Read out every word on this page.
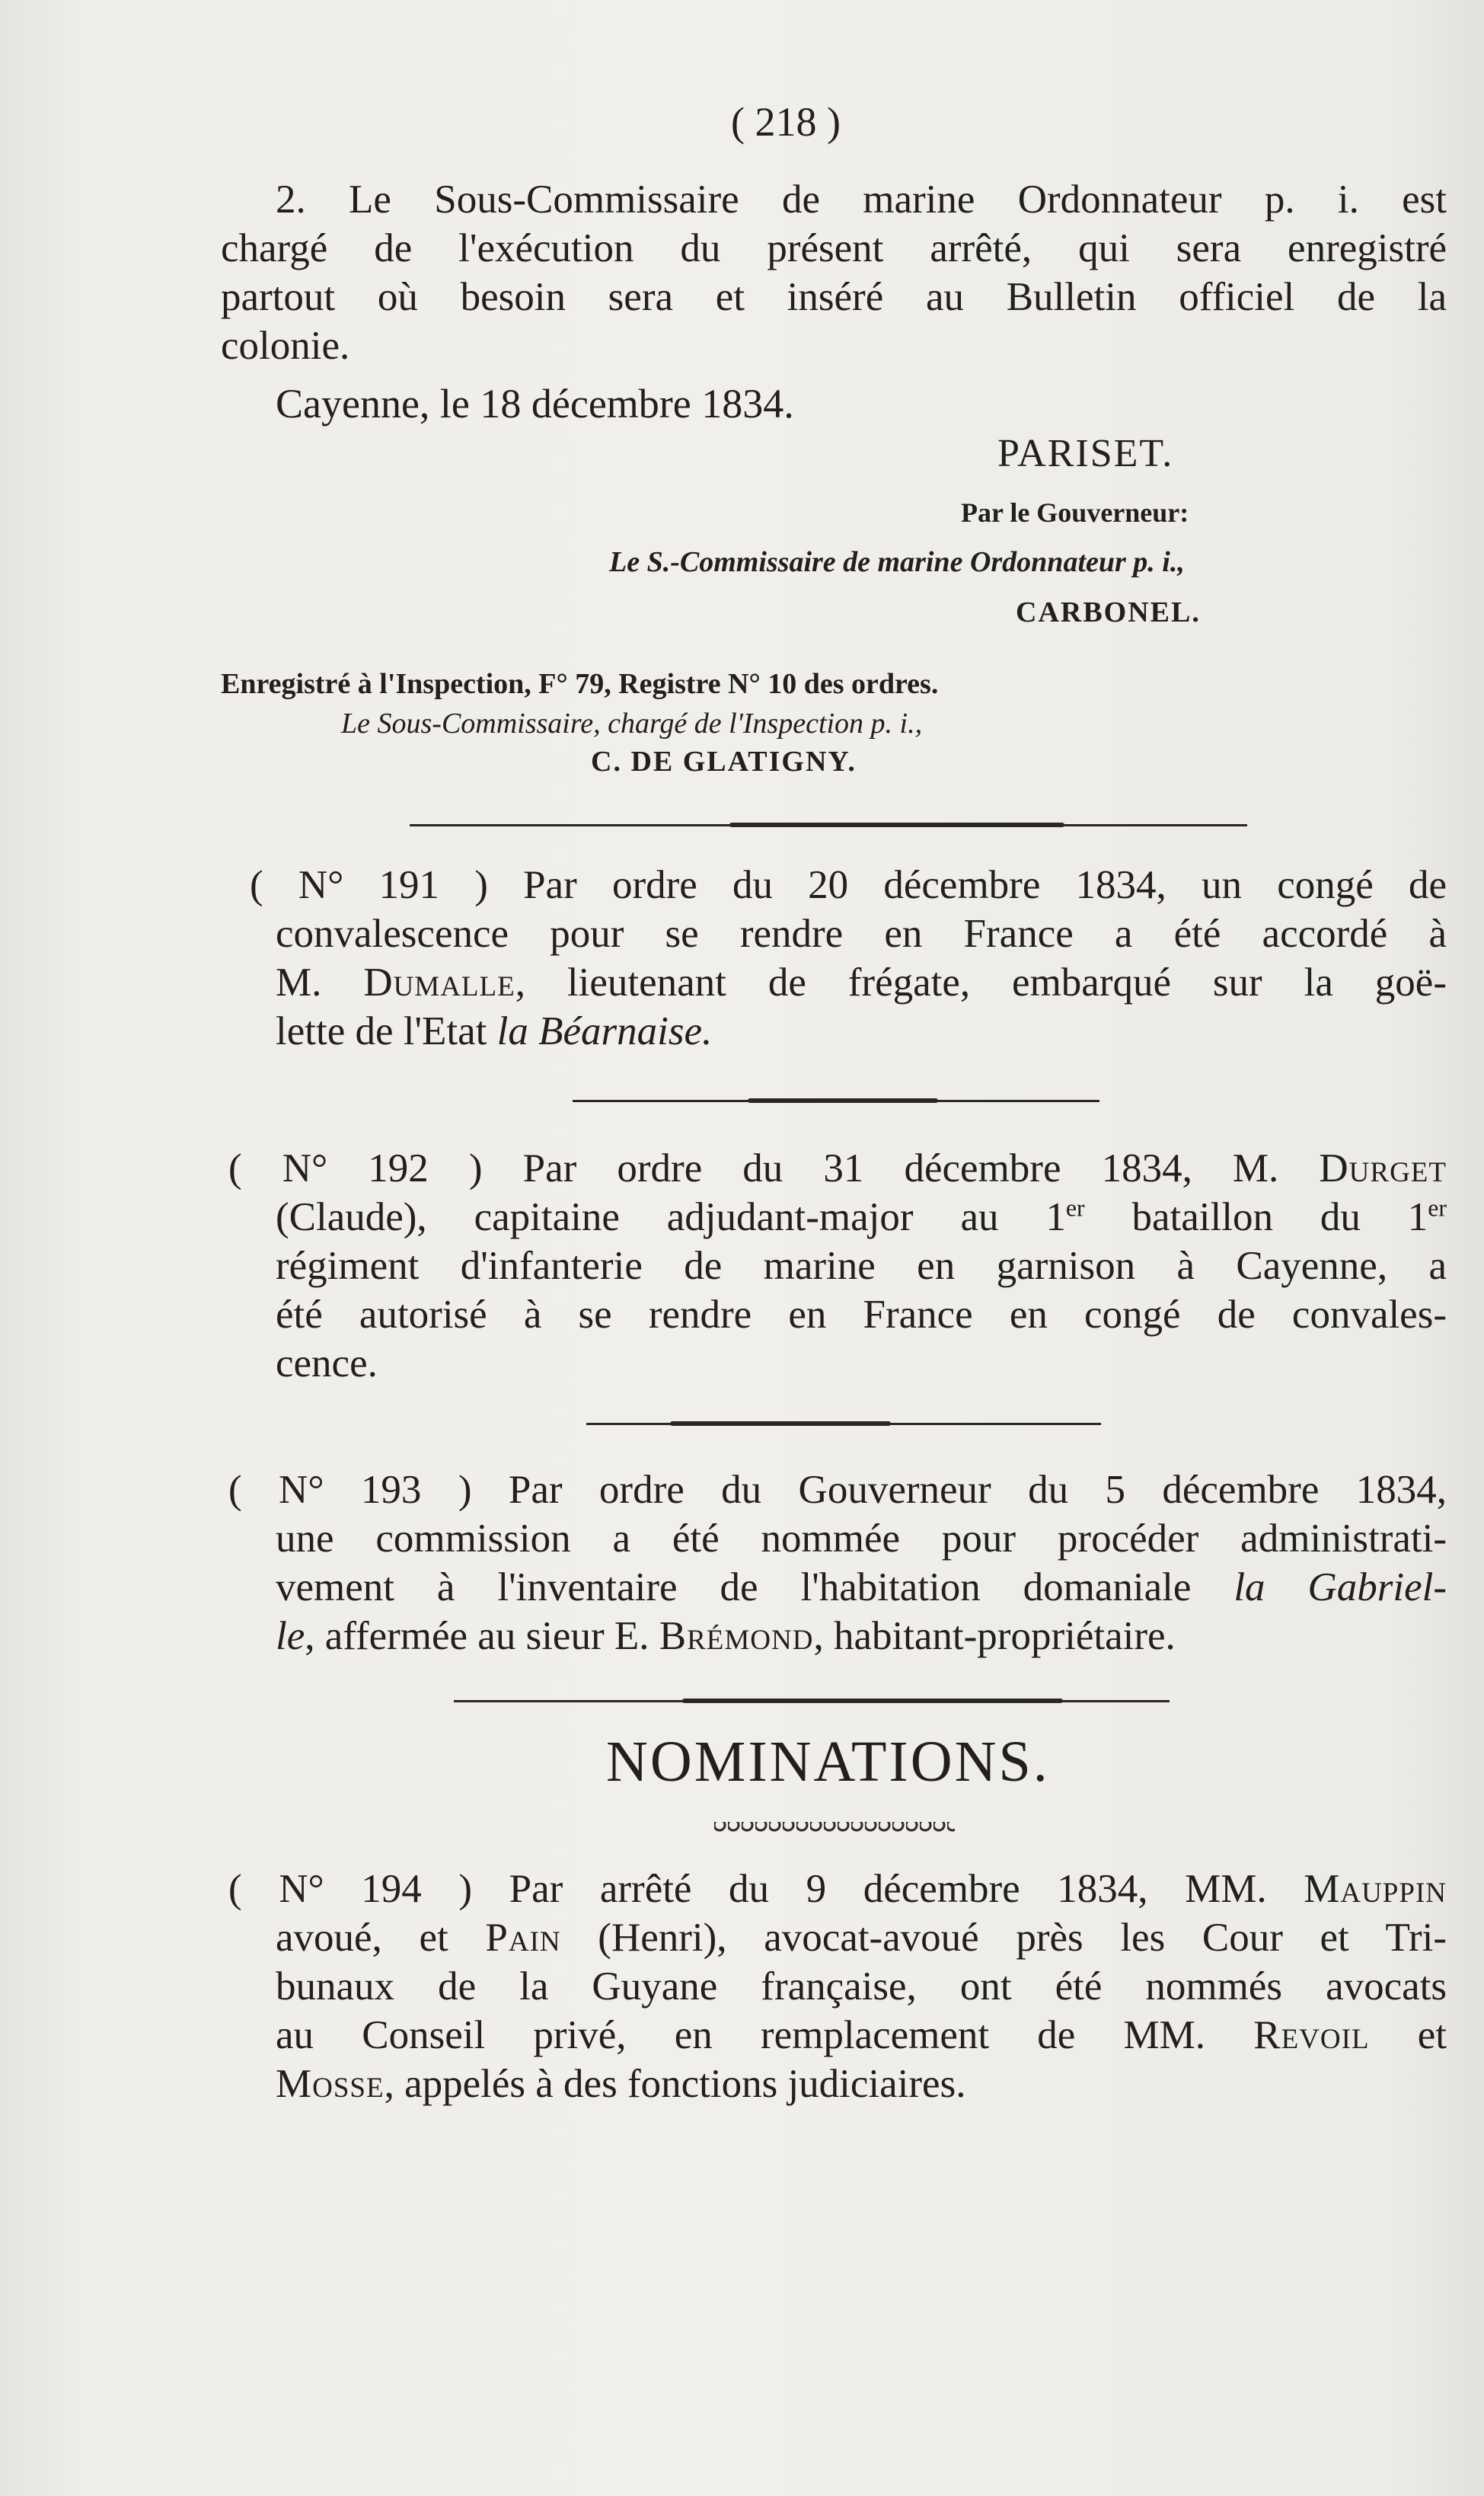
( 218 )
2. Le Sous-Commissaire de marine Ordonnateur p. i. est
chargé de l'exécution du présent arrêté, qui sera enregistré
partout où besoin sera et inséré au Bulletin officiel de la
colonie.
Cayenne, le 18 décembre 1834.
PARISET.
Par le Gouverneur:
Le S.-Commissaire de marine Ordonnateur p. i.,
CARBONEL.
Enregistré à l'Inspection, F° 79, Registre N° 10 des ordres.
Le Sous-Commissaire, chargé de l'Inspection p. i.,
C. DE GLATIGNY.
( N° 191 ) Par ordre du 20 décembre 1834, un congé de
convalescence pour se rendre en France a été accordé à
M. Dumalle, lieutenant de frégate, embarqué sur la goë-
lette de l'Etat la Béarnaise.
( N° 192 ) Par ordre du 31 décembre 1834, M. Durget
(Claude), capitaine adjudant-major au 1er bataillon du 1er
régiment d'infanterie de marine en garnison à Cayenne, a
été autorisé à se rendre en France en congé de convales-
cence.
( N° 193 ) Par ordre du Gouverneur du 5 décembre 1834,
une commission a été nommée pour procéder administrati-
vement à l'inventaire de l'habitation domaniale la Gabriel-
le, affermée au sieur E. Brémond, habitant-propriétaire.
NOMINATIONS.
( N° 194 ) Par arrêté du 9 décembre 1834, MM. Mauppin
avoué, et Pain (Henri), avocat-avoué près les Cour et Tri-
bunaux de la Guyane française, ont été nommés avocats
au Conseil privé, en remplacement de MM. Revoil et
Mosse, appelés à des fonctions judiciaires.
